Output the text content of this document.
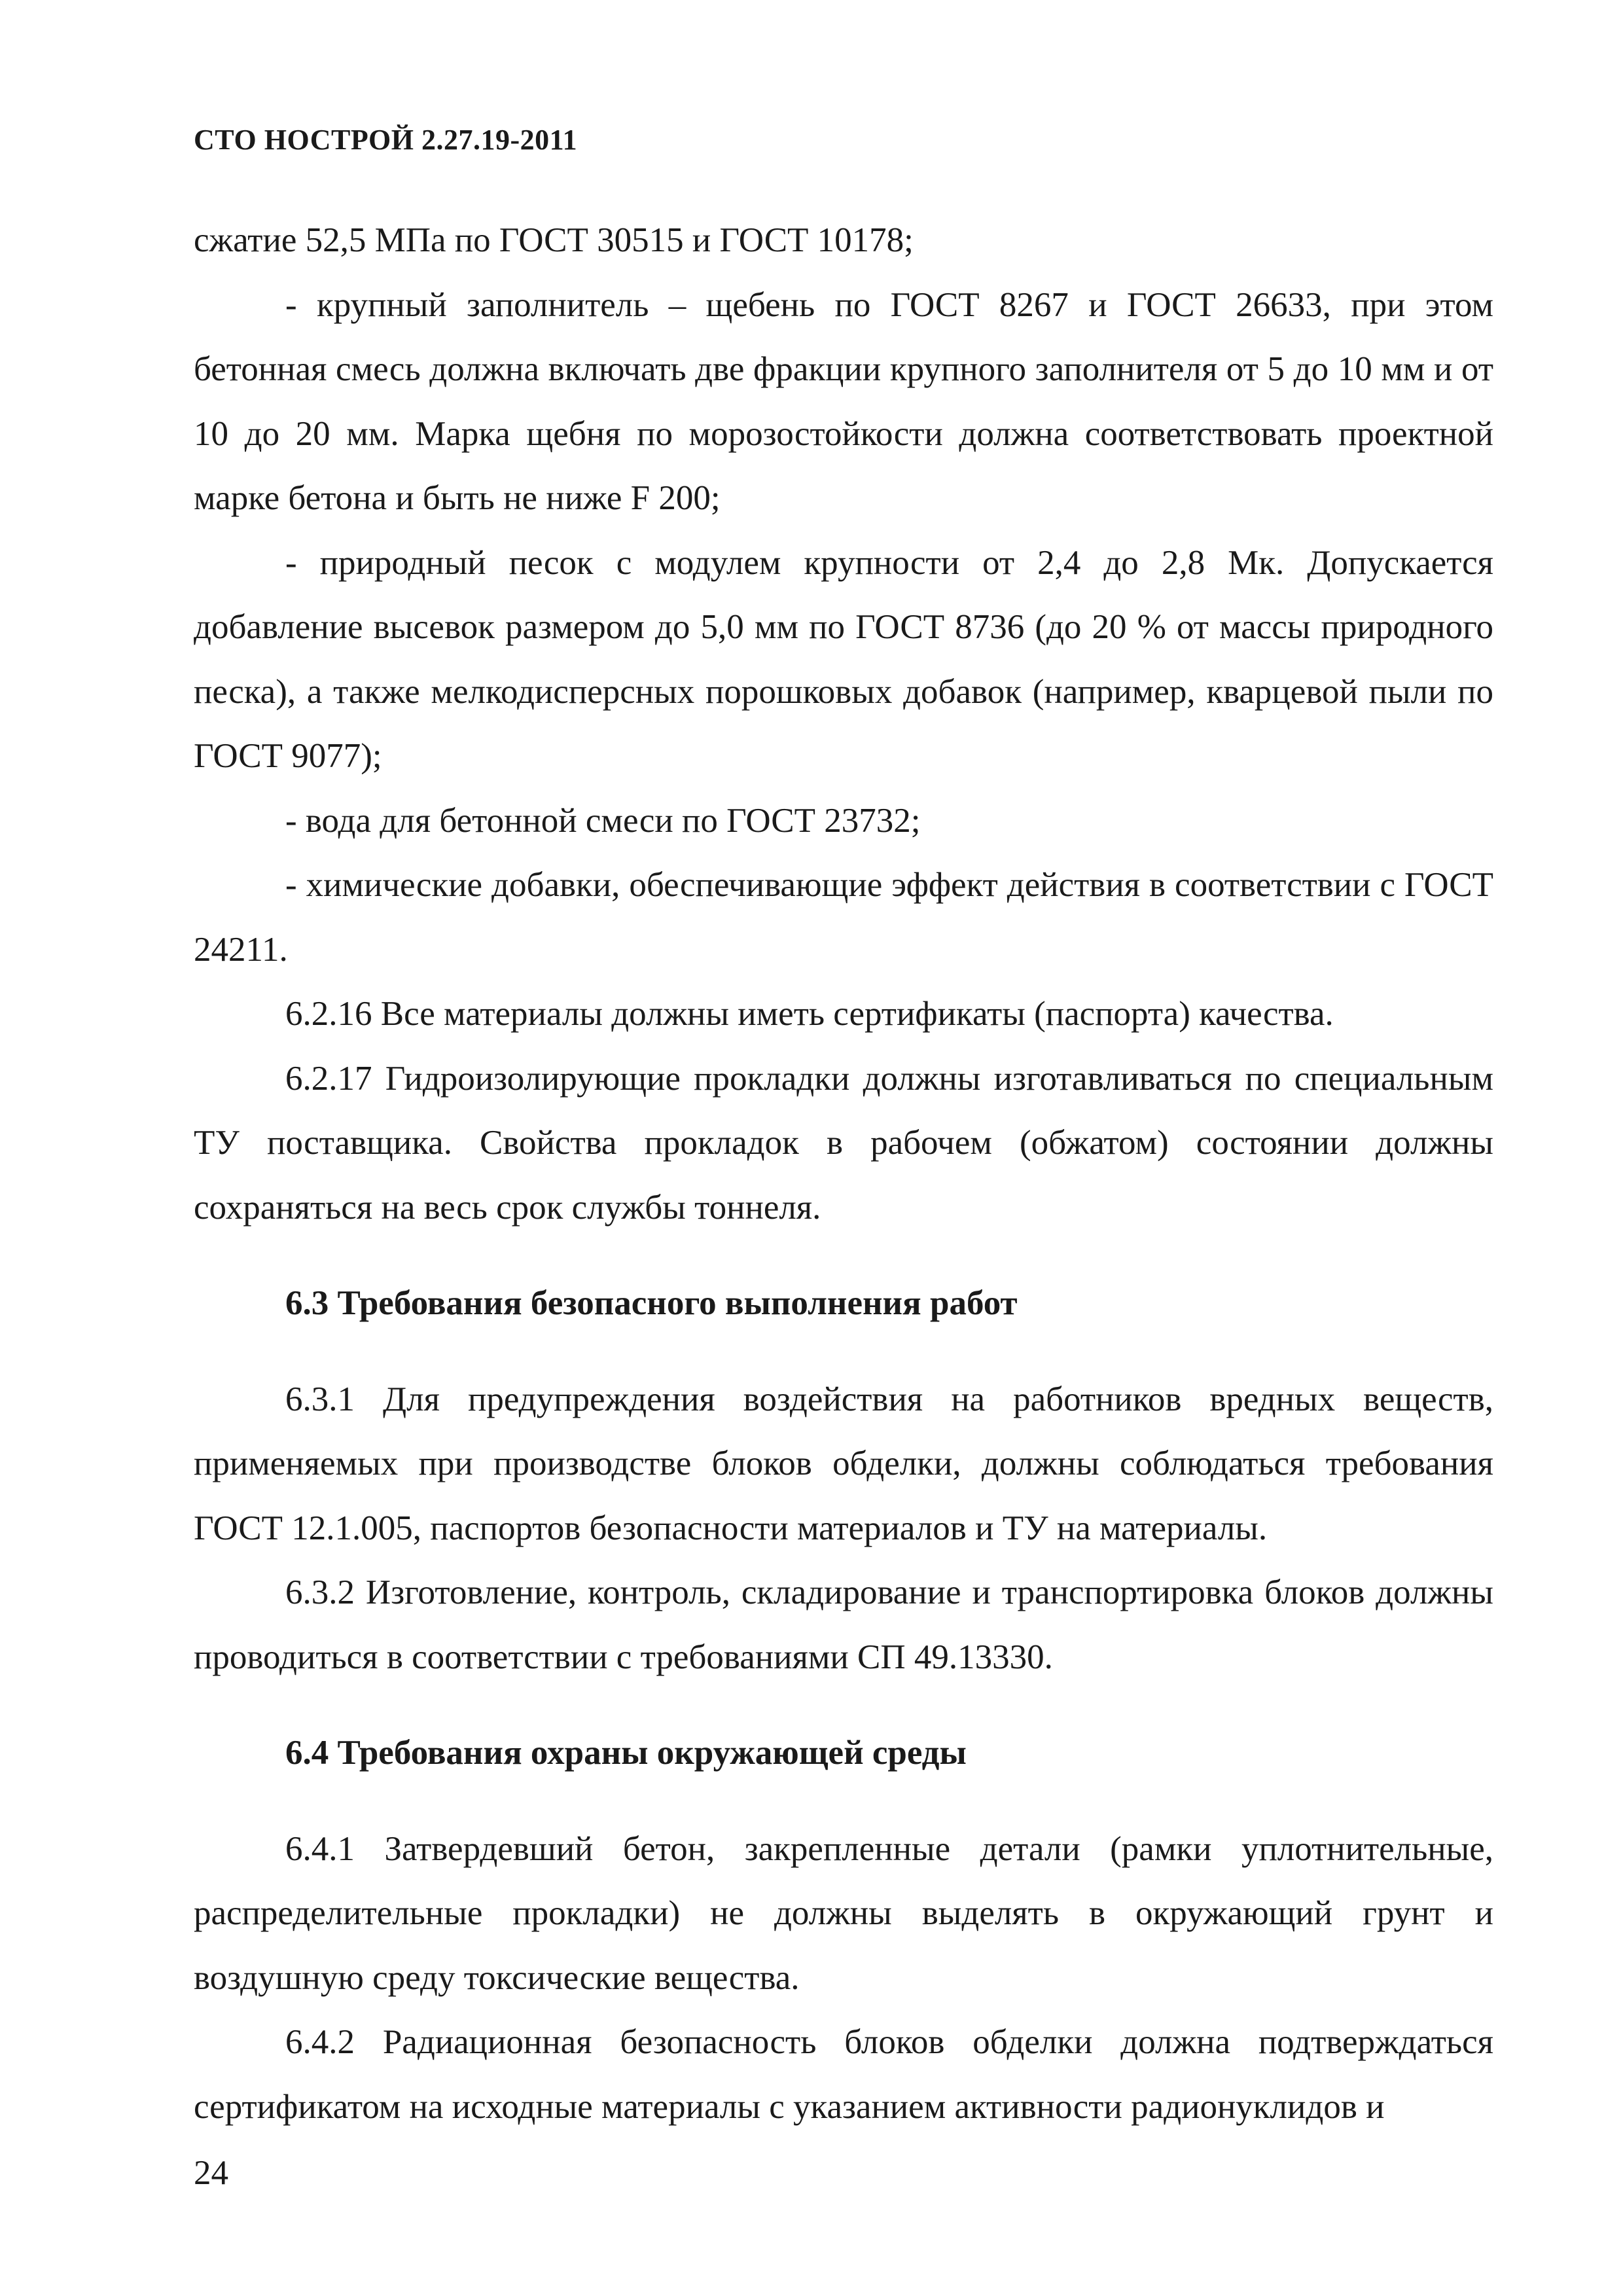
СТО НОСТРОЙ 2.27.19-2011

сжатие 52,5 МПа по ГОСТ 30515 и ГОСТ 10178;

- крупный заполнитель – щебень по ГОСТ 8267 и ГОСТ 26633, при этом бетонная смесь должна включать две фракции крупного заполнителя от 5 до 10 мм и от 10 до 20 мм. Марка щебня по морозостойкости должна соответствовать проектной марке бетона и быть не ниже F 200;

- природный песок с модулем крупности от 2,4 до 2,8 Мк. Допускается добавление высевок размером до 5,0 мм по ГОСТ 8736 (до 20 % от массы природного песка), а также мелкодисперсных порошковых добавок (например, кварцевой пыли по ГОСТ 9077);

- вода для бетонной смеси по ГОСТ 23732;

- химические добавки, обеспечивающие эффект действия в соответствии с ГОСТ 24211.

6.2.16 Все материалы должны иметь сертификаты (паспорта) качества.

6.2.17 Гидроизолирующие прокладки должны изготавливаться по специальным ТУ поставщика. Свойства прокладок в рабочем (обжатом) состоянии должны сохраняться на весь срок службы тоннеля.

6.3 Требования безопасного выполнения работ

6.3.1 Для предупреждения воздействия на работников вредных веществ, применяемых при производстве блоков обделки, должны соблюдаться требования ГОСТ 12.1.005, паспортов безопасности материалов и ТУ на материалы.

6.3.2 Изготовление, контроль, складирование и транспортировка блоков должны проводиться в соответствии с требованиями СП 49.13330.

6.4 Требования охраны окружающей среды

6.4.1 Затвердевший бетон, закрепленные детали (рамки уплотнительные, распределительные прокладки) не должны выделять в окружающий грунт и воздушную среду токсические вещества.

6.4.2 Радиационная безопасность блоков обделки должна подтверждаться сертификатом на исходные материалы с указанием активности радионуклидов и

24
